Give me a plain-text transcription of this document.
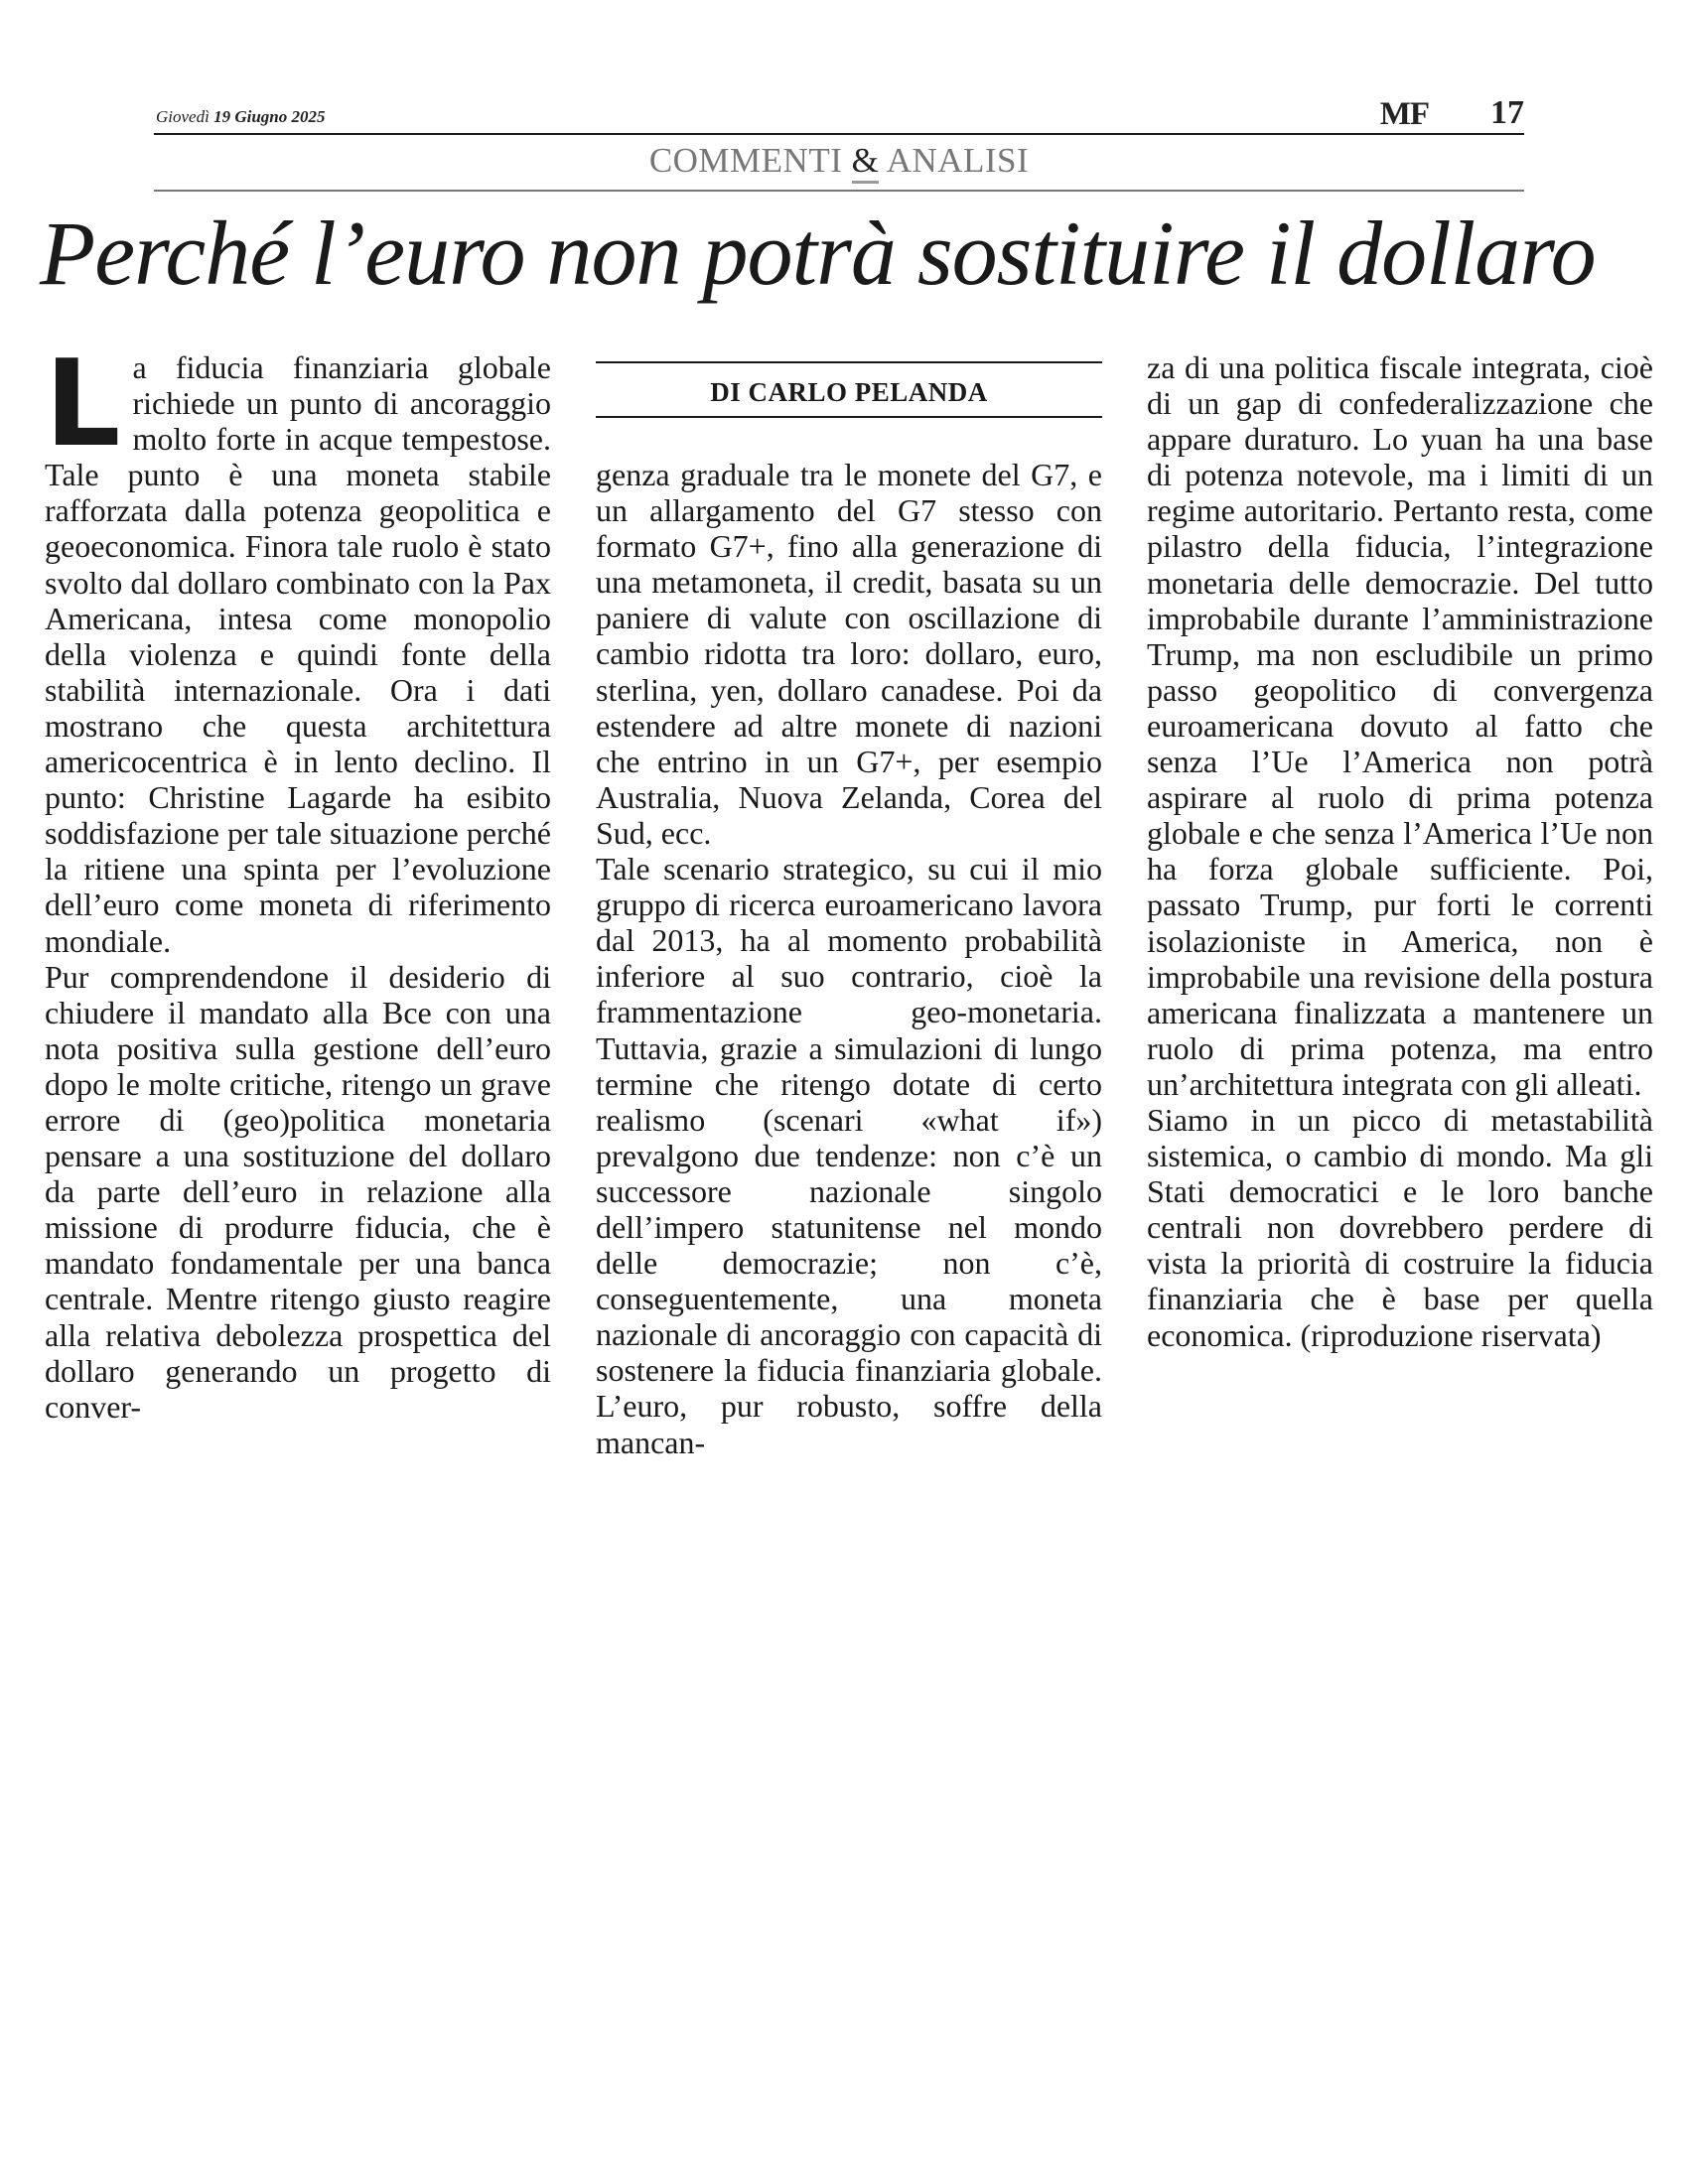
Giovedì 19 Giugno 2025	MF 17
COMMENTI & ANALISI
Perché l’euro non potrà sostituire il dollaro

La fiducia finanziaria globale richiede un punto di ancoraggio molto forte in acque tempestose. Tale punto è una moneta stabile rafforzata dalla potenza geopolitica e geoeconomica. Finora tale ruolo è stato svolto dal dollaro combinato con la Pax Americana, intesa come monopolio della violenza e quindi fonte della stabilità internazionale. Ora i dati mostrano che questa architettura americocentrica è in lento declino. Il punto: Christine Lagarde ha esibito soddisfazione per tale situazione perché la ritiene una spinta per l’evoluzione dell’euro come moneta di riferimento mondiale.

Pur comprendendone il desiderio di chiudere il mandato alla Bce con una nota positiva sulla gestione dell’euro dopo le molte critiche, ritengo un grave errore di (geo)politica monetaria pensare a una sostituzione del dollaro da parte dell’euro in relazione alla missione di produrre fiducia, che è mandato fondamentale per una banca centrale. Mentre ritengo giusto reagire alla relativa debolezza prospettica del dollaro generando un progetto di conver-

DI CARLO PELANDA

genza graduale tra le monete del G7, e un allargamento del G7 stesso con formato G7+, fino alla generazione di una metamoneta, il credit, basata su un paniere di valute con oscillazione di cambio ridotta tra loro: dollaro, euro, sterlina, yen, dollaro canadese. Poi da estendere ad altre monete di nazioni che entrino in un G7+, per esempio Australia, Nuova Zelanda, Corea del Sud, ecc.

Tale scenario strategico, su cui il mio gruppo di ricerca euroamericano lavora dal 2013, ha al momento probabilità inferiore al suo contrario, cioè la frammentazione geo-monetaria. Tuttavia, grazie a simulazioni di lungo termine che ritengo dotate di certo realismo (scenari «what if») prevalgono due tendenze: non c’è un successore nazionale singolo dell’impero statunitense nel mondo delle democrazie; non c’è, conseguentemente, una moneta nazionale di ancoraggio con capacità di sostenere la fiducia finanziaria globale. L’euro, pur robusto, soffre della mancan-

za di una politica fiscale integrata, cioè di un gap di confederalizzazione che appare duraturo. Lo yuan ha una base di potenza notevole, ma i limiti di un regime autoritario. Pertanto resta, come pilastro della fiducia, l’integrazione monetaria delle democrazie. Del tutto improbabile durante l’amministrazione Trump, ma non escludibile un primo passo geopolitico di convergenza euroamericana dovuto al fatto che senza l’Ue l’America non potrà aspirare al ruolo di prima potenza globale e che senza l’America l’Ue non ha forza globale sufficiente. Poi, passato Trump, pur forti le correnti isolazioniste in America, non è improbabile una revisione della postura americana finalizzata a mantenere un ruolo di prima potenza, ma entro un’architettura integrata con gli alleati.

Siamo in un picco di metastabilità sistemica, o cambio di mondo. Ma gli Stati democratici e le loro banche centrali non dovrebbero perdere di vista la priorità di costruire la fiducia finanziaria che è base per quella economica. (riproduzione riservata)
